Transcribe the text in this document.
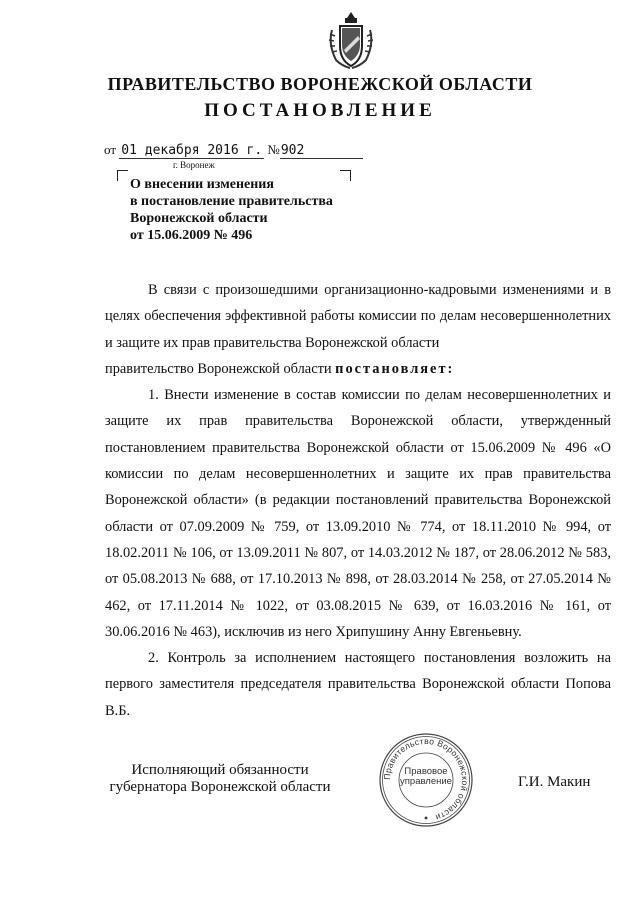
ПРАВИТЕЛЬСТВО ВОРОНЕЖСКОЙ ОБЛАСТИ
ПОСТАНОВЛЕНИЕ
от 01 декабря 2016 г. №902
г. Воронеж
О внесении изменения
в постановление правительства
Воронежской области
от 15.06.2009 № 496

В связи с произошедшими организационно-кадровыми изменениями и в целях обеспечения эффективной работы комиссии по делам несовершеннолетних и защите их прав правительства Воронежской области

правительство Воронежской области постановляет:

1. Внести изменение в состав комиссии по делам несовершеннолетних и защите их прав правительства Воронежской области, утвержденный постановлением правительства Воронежской области от 15.06.2009 № 496 «О комиссии по делам несовершеннолетних и защите их прав правительства Воронежской области» (в редакции постановлений правительства Воронежской области от 07.09.2009 № 759, от 13.09.2010 № 774, от 18.11.2010 № 994, от 18.02.2011 № 106, от 13.09.2011 № 807, от 14.03.2012 № 187, от 28.06.2012 № 583, от 05.08.2013 № 688, от 17.10.2013 № 898, от 28.03.2014 № 258, от 27.05.2014 № 462, от 17.11.2014 № 1022, от 03.08.2015 № 639, от 16.03.2016 № 161, от 30.06.2016 № 463), исключив из него Хрипушину Анну Евгеньевну.

2. Контроль за исполнением настоящего постановления возложить на первого заместителя председателя правительства Воронежской области Попова В.Б.

Исполняющий обязанности
губернатора Воронежской области
Правительство Воронежской области
Правовое
управление	Г.И. Макин
